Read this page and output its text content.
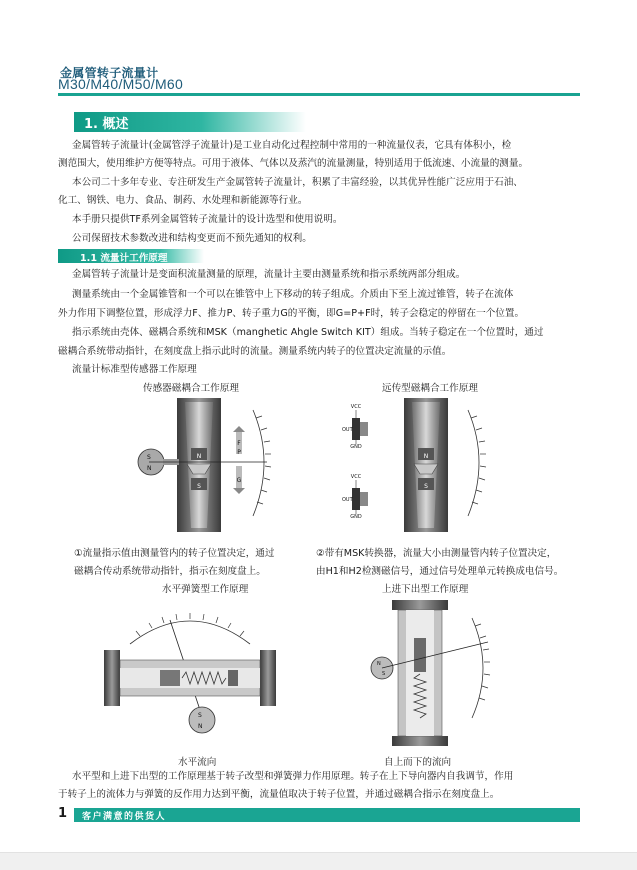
金属管转子流量计
M30/M40/M50/M60
1. 概述
金属管转子流量计(金属管浮子流量计)是工业自动化过程控制中常用的一种流量仪表，它具有体积小，检
测范围大，使用维护方便等特点。可用于液体、气体以及蒸汽的流量测量，特别适用于低流速、小流量的测量。
本公司二十多年专业、专注研发生产金属管转子流量计，积累了丰富经验，以其优异性能广泛应用于石油、
化工、钢铁、电力、食品、制药、水处理和新能源等行业。
本手册只提供TF系列金属管转子流量计的设计选型和使用说明。
公司保留技术参数改进和结构变更而不预先通知的权利。
1.1 流量计工作原理
金属管转子流量计是变面积流量测量的原理，流量计主要由测量系统和指示系统两部分组成。
测量系统由一个金属锥管和一个可以在锥管中上下移动的转子组成。介质由下至上流过锥管，转子在流体
外力作用下调整位置，形成浮力F、推力P、转子重力G的平衡，即G=P+F时，转子会稳定的停留在一个位置。
指示系统由壳体、磁耦合系统和MSK（manghetic Ahgle Switch KIT）组成。当转子稳定在一个位置时，通过
磁耦合系统带动指针，在刻度盘上指示此时的流量。测量系统内转子的位置决定流量的示值。
流量计标准型传感器工作原理
传感器磁耦合工作原理	远传型磁耦合工作原理
N
S
S
N
F
P
G
N
S
VCC
GND
OUT
VCC
GND
OUT
①流量指示值由测量管内的转子位置决定，通过
磁耦合传动系统带动指针，指示在刻度盘上。
②带有MSK转换器，流量大小由测量管内转子位置决定，
由H1和H2检测磁信号，通过信号处理单元转换成电信号。
水平弹簧型工作原理	上进下出型工作原理
S
N
N
S
水平流向	自上而下的流向
水平型和上进下出型的工作原理基于转子改型和弹簧弹力作用原理。转子在上下导向器内自我调节，作用
于转子上的流体力与弹簧的反作用力达到平衡，流量值取决于转子位置，并通过磁耦合指示在刻度盘上。
1 客户满意的供货人
